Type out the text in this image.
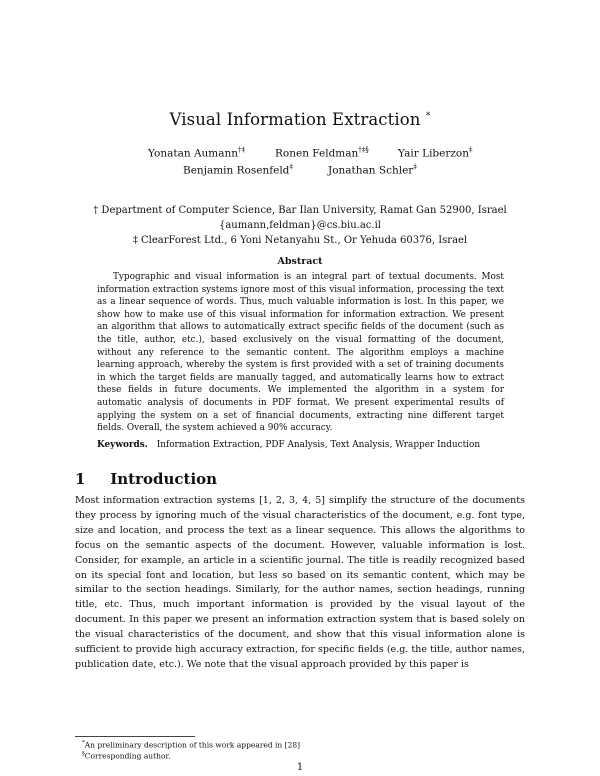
Visual Information Extraction *
Yonatan Aumann†‡	Ronen Feldman†‡§	Yair Liberzon‡
Benjamin Rosenfeld‡	Jonathan Schler‡
† Department of Computer Science, Bar Ilan University, Ramat Gan 52900, Israel
{aumann,feldman}@cs.biu.ac.il
‡ ClearForest Ltd., 6 Yoni Netanyahu St., Or Yehuda 60376, Israel
Abstract
Typographic and visual information is an integral part of textual documents. Most information extraction systems ignore most of this visual information, processing the text as a linear sequence of words. Thus, much valuable information is lost. In this paper, we show how to make use of this visual information for information extraction. We present an algorithm that allows to automatically extract specific fields of the document (such as the title, author, etc.), based exclusively on the visual formatting of the document, without any reference to the semantic content. The algorithm employs a machine learning approach, whereby the system is first provided with a set of training documents in which the target fields are manually tagged, and automatically learns how to extract these fields in future documents. We implemented the algorithm in a system for automatic analysis of documents in PDF format. We present experimental results of applying the system on a set of financial documents, extracting nine different target fields. Overall, the system achieved a 90% accuracy.
Keywords. Information Extraction, PDF Analysis, Text Analysis, Wrapper Induction
1 Introduction
Most information extraction systems [1, 2, 3, 4, 5] simplify the structure of the documents they process by ignoring much of the visual characteristics of the document, e.g. font type, size and location, and process the text as a linear sequence. This allows the algorithms to focus on the semantic aspects of the document. However, valuable information is lost. Consider, for example, an article in a scientific journal. The title is readily recognized based on its special font and location, but less so based on its semantic content, which may be similar to the section headings. Similarly, for the author names, section headings, running title, etc. Thus, much important information is provided by the visual layout of the document. In this paper we present an information extraction system that is based solely on the visual characteristics of the document, and show that this visual information alone is sufficient to provide high accuracy extraction, for specific fields (e.g. the title, author names, publication date, etc.). We note that the visual approach provided by this paper is
*An preliminary description of this work appeared in [28]
§Corresponding author.
1
